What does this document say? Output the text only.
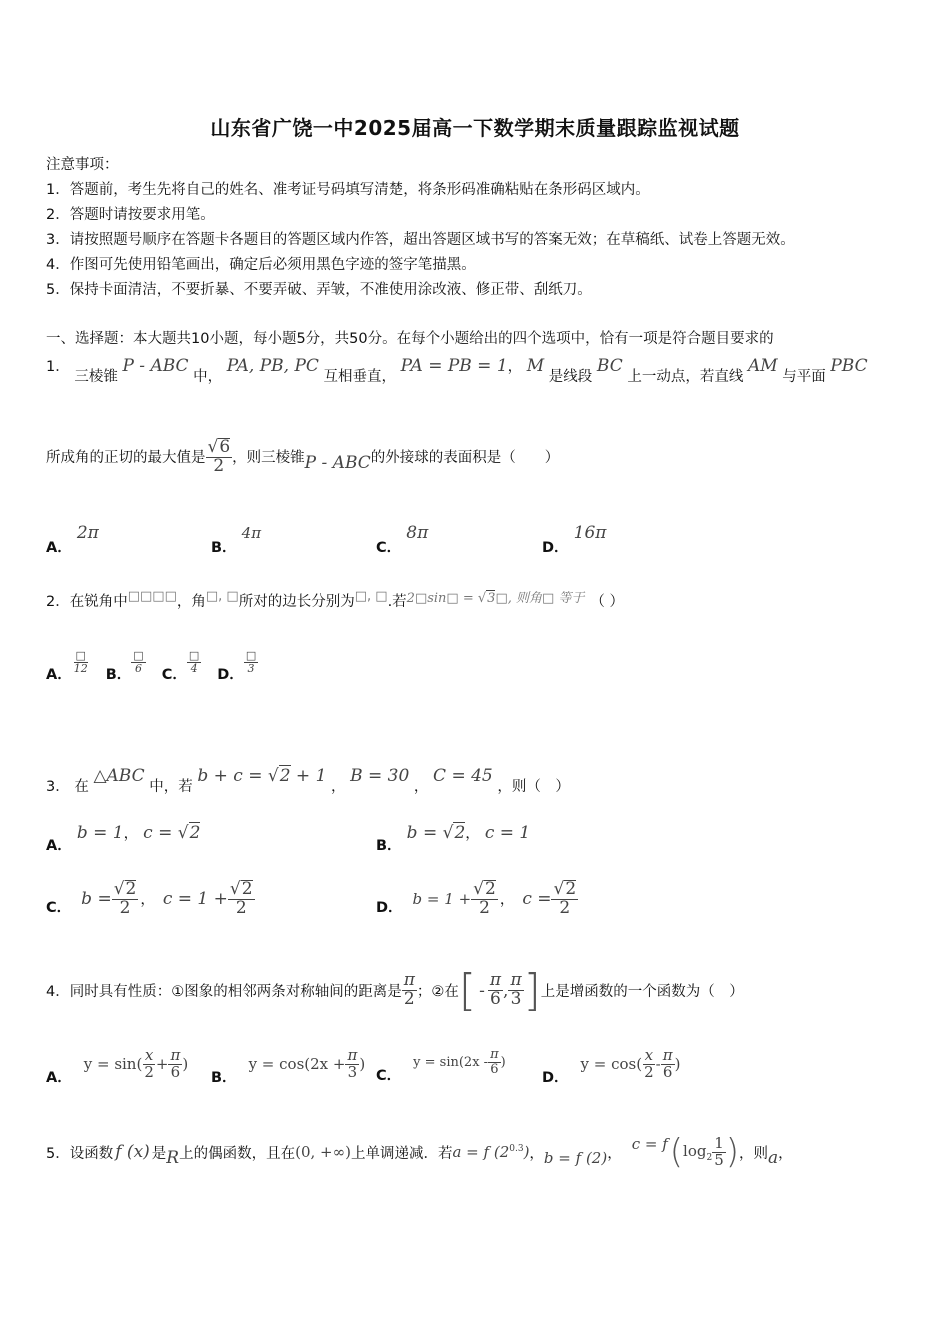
山东省广饶一中2025届高一下数学期末质量跟踪监视试题
注意事项：
1．答题前，考生先将自己的姓名、准考证号码填写清楚，将条形码准确粘贴在条形码区域内。
2．答题时请按要求用笔。
3．请按照题号顺序在答题卡各题目的答题区域内作答，超出答题区域书写的答案无效；在草稿纸、试卷上答题无效。
4．作图可先使用铅笔画出，确定后必须用黑色字迹的签字笔描黑。
5．保持卡面清洁，不要折暴、不要弄破、弄皱，不准使用涂改液、修正带、刮纸刀。
一、选择题：本大题共10小题，每小题5分，共50分。在每个小题给出的四个选项中，恰有一项是符合题目要求的
1． 三棱锥 P - ABC 中， PA, PB, PC 互相垂直， PA = PB = 1， M 是线段 BC 上一动点，若直线 AM 与平面 PBC
所成角的正切的最大值是 $\frac{√6}{2}$ ，则三棱锥 P - ABC 的外接球的表面积是（　　）
A． 2π
B． 4π
C． 8π
D． 16π
2． 在锐角中 □□□□ ，角 □, □ 所对的边长分别为 □, □ .若 2□sin□ = √3□, 则角□ 等于 （ ）
A．
$\frac{□}{12}$
B．
$\frac{□}{6}$
C．
$\frac{□}{4}$
D．
$\frac{□}{3}$
3． 在 △ABC 中，若 b + c = √2 + 1 ， B = 30 ， C = 45 ，则（　）
A． b = 1， c = √2
B． b = √2， c = 1
C． $b = \frac{√2}{2}$ ， $c = 1 + \frac{√2}{2}$	D．
$b = 1 + \frac{√2}{2}$ ， $c = \frac{√2}{2}$
4． 同时具有性质：①图象的相邻两条对称轴间的距离是 $\frac{\pi}{2}$ ；②在 [ - $\frac{\pi}{6}$ , $\frac{\pi}{3}$ ] 上是增函数的一个函数为（　）
A．
$y = \sin( \frac{x}{2} + \frac{\pi}{6}$ )
B．
$y = \cos(2x + \frac{\pi}{3}$ )
C．
$y = \sin(2x - \frac{\pi}{6}$ )
D．
$y = \cos( \frac{x}{2} - \frac{\pi}{6}$ )
5． 设函数 f (x) 是 R 上的偶函数，且在 (0, +∞) 上单调递减．若 a = f $(2^{0.3})$ ， b = f (2) ，
c = f ( $\log_2 \frac{1}{5}$ ) ，则 a ，
